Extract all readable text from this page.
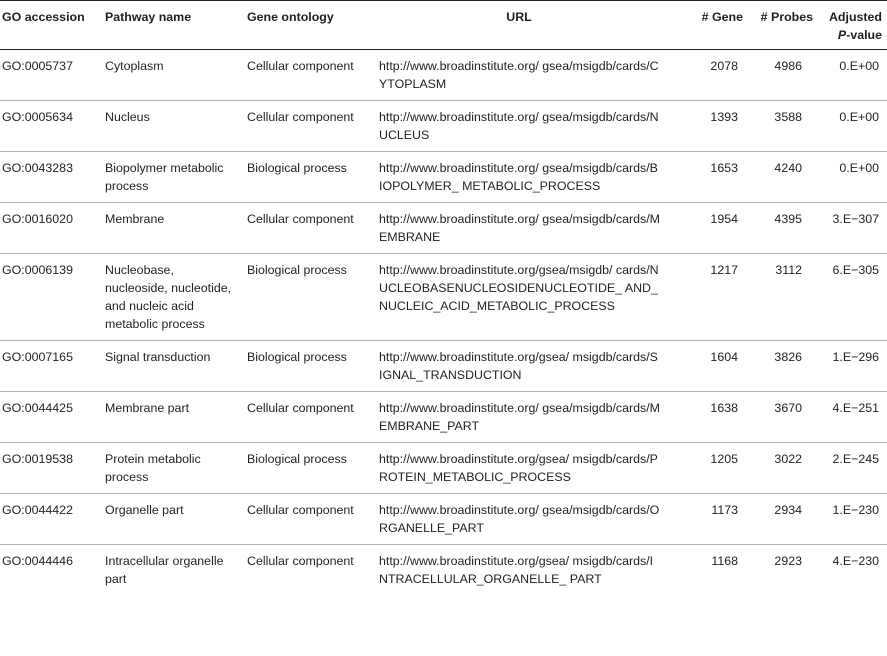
GO accession	Pathway name	Gene ontology	URL	# Gene	# Probes	Adjusted
P-value
GO:0005737	Cytoplasm	Cellular component	http://www.broadinstitute.org/ gsea/msigdb/cards/CYTOPLASM	2078	4986	0.E+00
GO:0005634	Nucleus	Cellular component	http://www.broadinstitute.org/ gsea/msigdb/cards/NUCLEUS	1393	3588	0.E+00
GO:0043283	Biopolymer metabolic process	Biological process	http://www.broadinstitute.org/ gsea/msigdb/cards/BIOPOLYMER_ METABOLIC_PROCESS	1653	4240	0.E+00
GO:0016020	Membrane	Cellular component	http://www.broadinstitute.org/ gsea/msigdb/cards/MEMBRANE	1954	4395	3.E−307
GO:0006139	Nucleobase, nucleoside, nucleotide, and nucleic acid metabolic process	Biological process	http://www.broadinstitute.org/gsea/msigdb/ cards/NUCLEOBASENUCLEOSIDENUCLEOTIDE_ AND_NUCLEIC_ACID_METABOLIC_PROCESS	1217	3112	6.E−305
GO:0007165	Signal transduction	Biological process	http://www.broadinstitute.org/gsea/ msigdb/cards/SIGNAL_TRANSDUCTION	1604	3826	1.E−296
GO:0044425	Membrane part	Cellular component	http://www.broadinstitute.org/ gsea/msigdb/cards/MEMBRANE_PART	1638	3670	4.E−251
GO:0019538	Protein metabolic process	Biological process	http://www.broadinstitute.org/gsea/ msigdb/cards/PROTEIN_METABOLIC_PROCESS	1205	3022	2.E−245
GO:0044422	Organelle part	Cellular component	http://www.broadinstitute.org/ gsea/msigdb/cards/ORGANELLE_PART	1173	2934	1.E−230
GO:0044446	Intracellular organelle part	Cellular component	http://www.broadinstitute.org/gsea/ msigdb/cards/INTRACELLULAR_ORGANELLE_ PART	1168	2923	4.E−230
